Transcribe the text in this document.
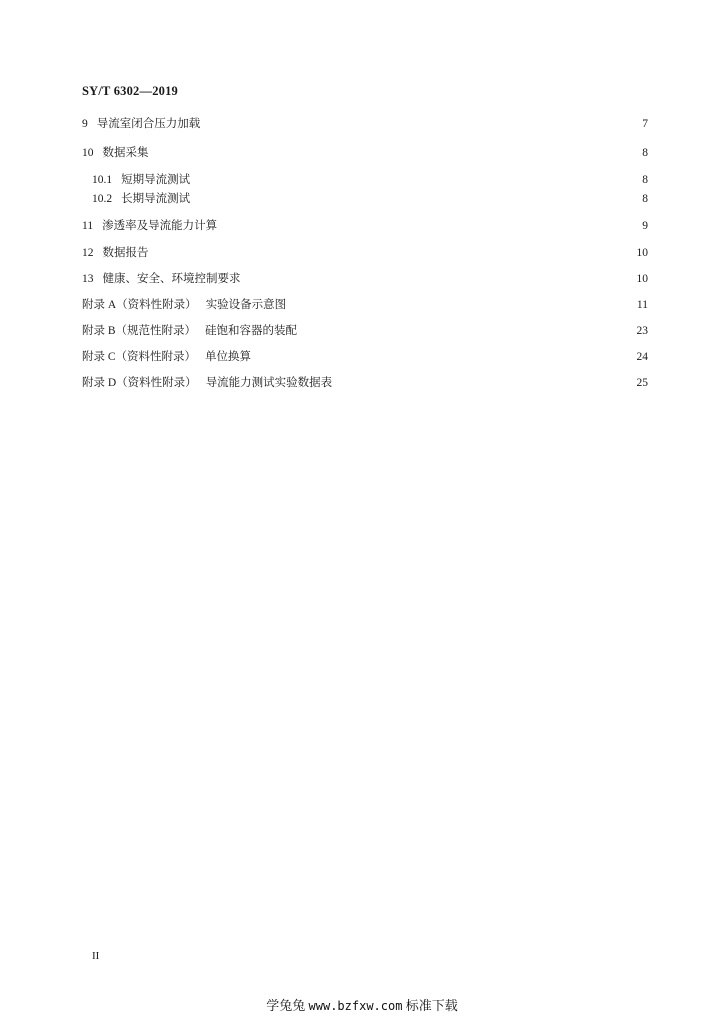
SY/T 6302—2019
9 导流室闭合压力加载	7
10 数据采集	8
10.1 短期导流测试	8
10.2 长期导流测试	8
11 渗透率及导流能力计算	9
12 数据报告	10
13 健康、安全、环境控制要求	10
附录 A（资料性附录） 实验设备示意图	11
附录 B（规范性附录） 硅饱和容器的装配	23
附录 C（资料性附录） 单位换算	24
附录 D（资料性附录） 导流能力测试实验数据表	25
II
学兔兔 www.bzfxw.com 标准下载
